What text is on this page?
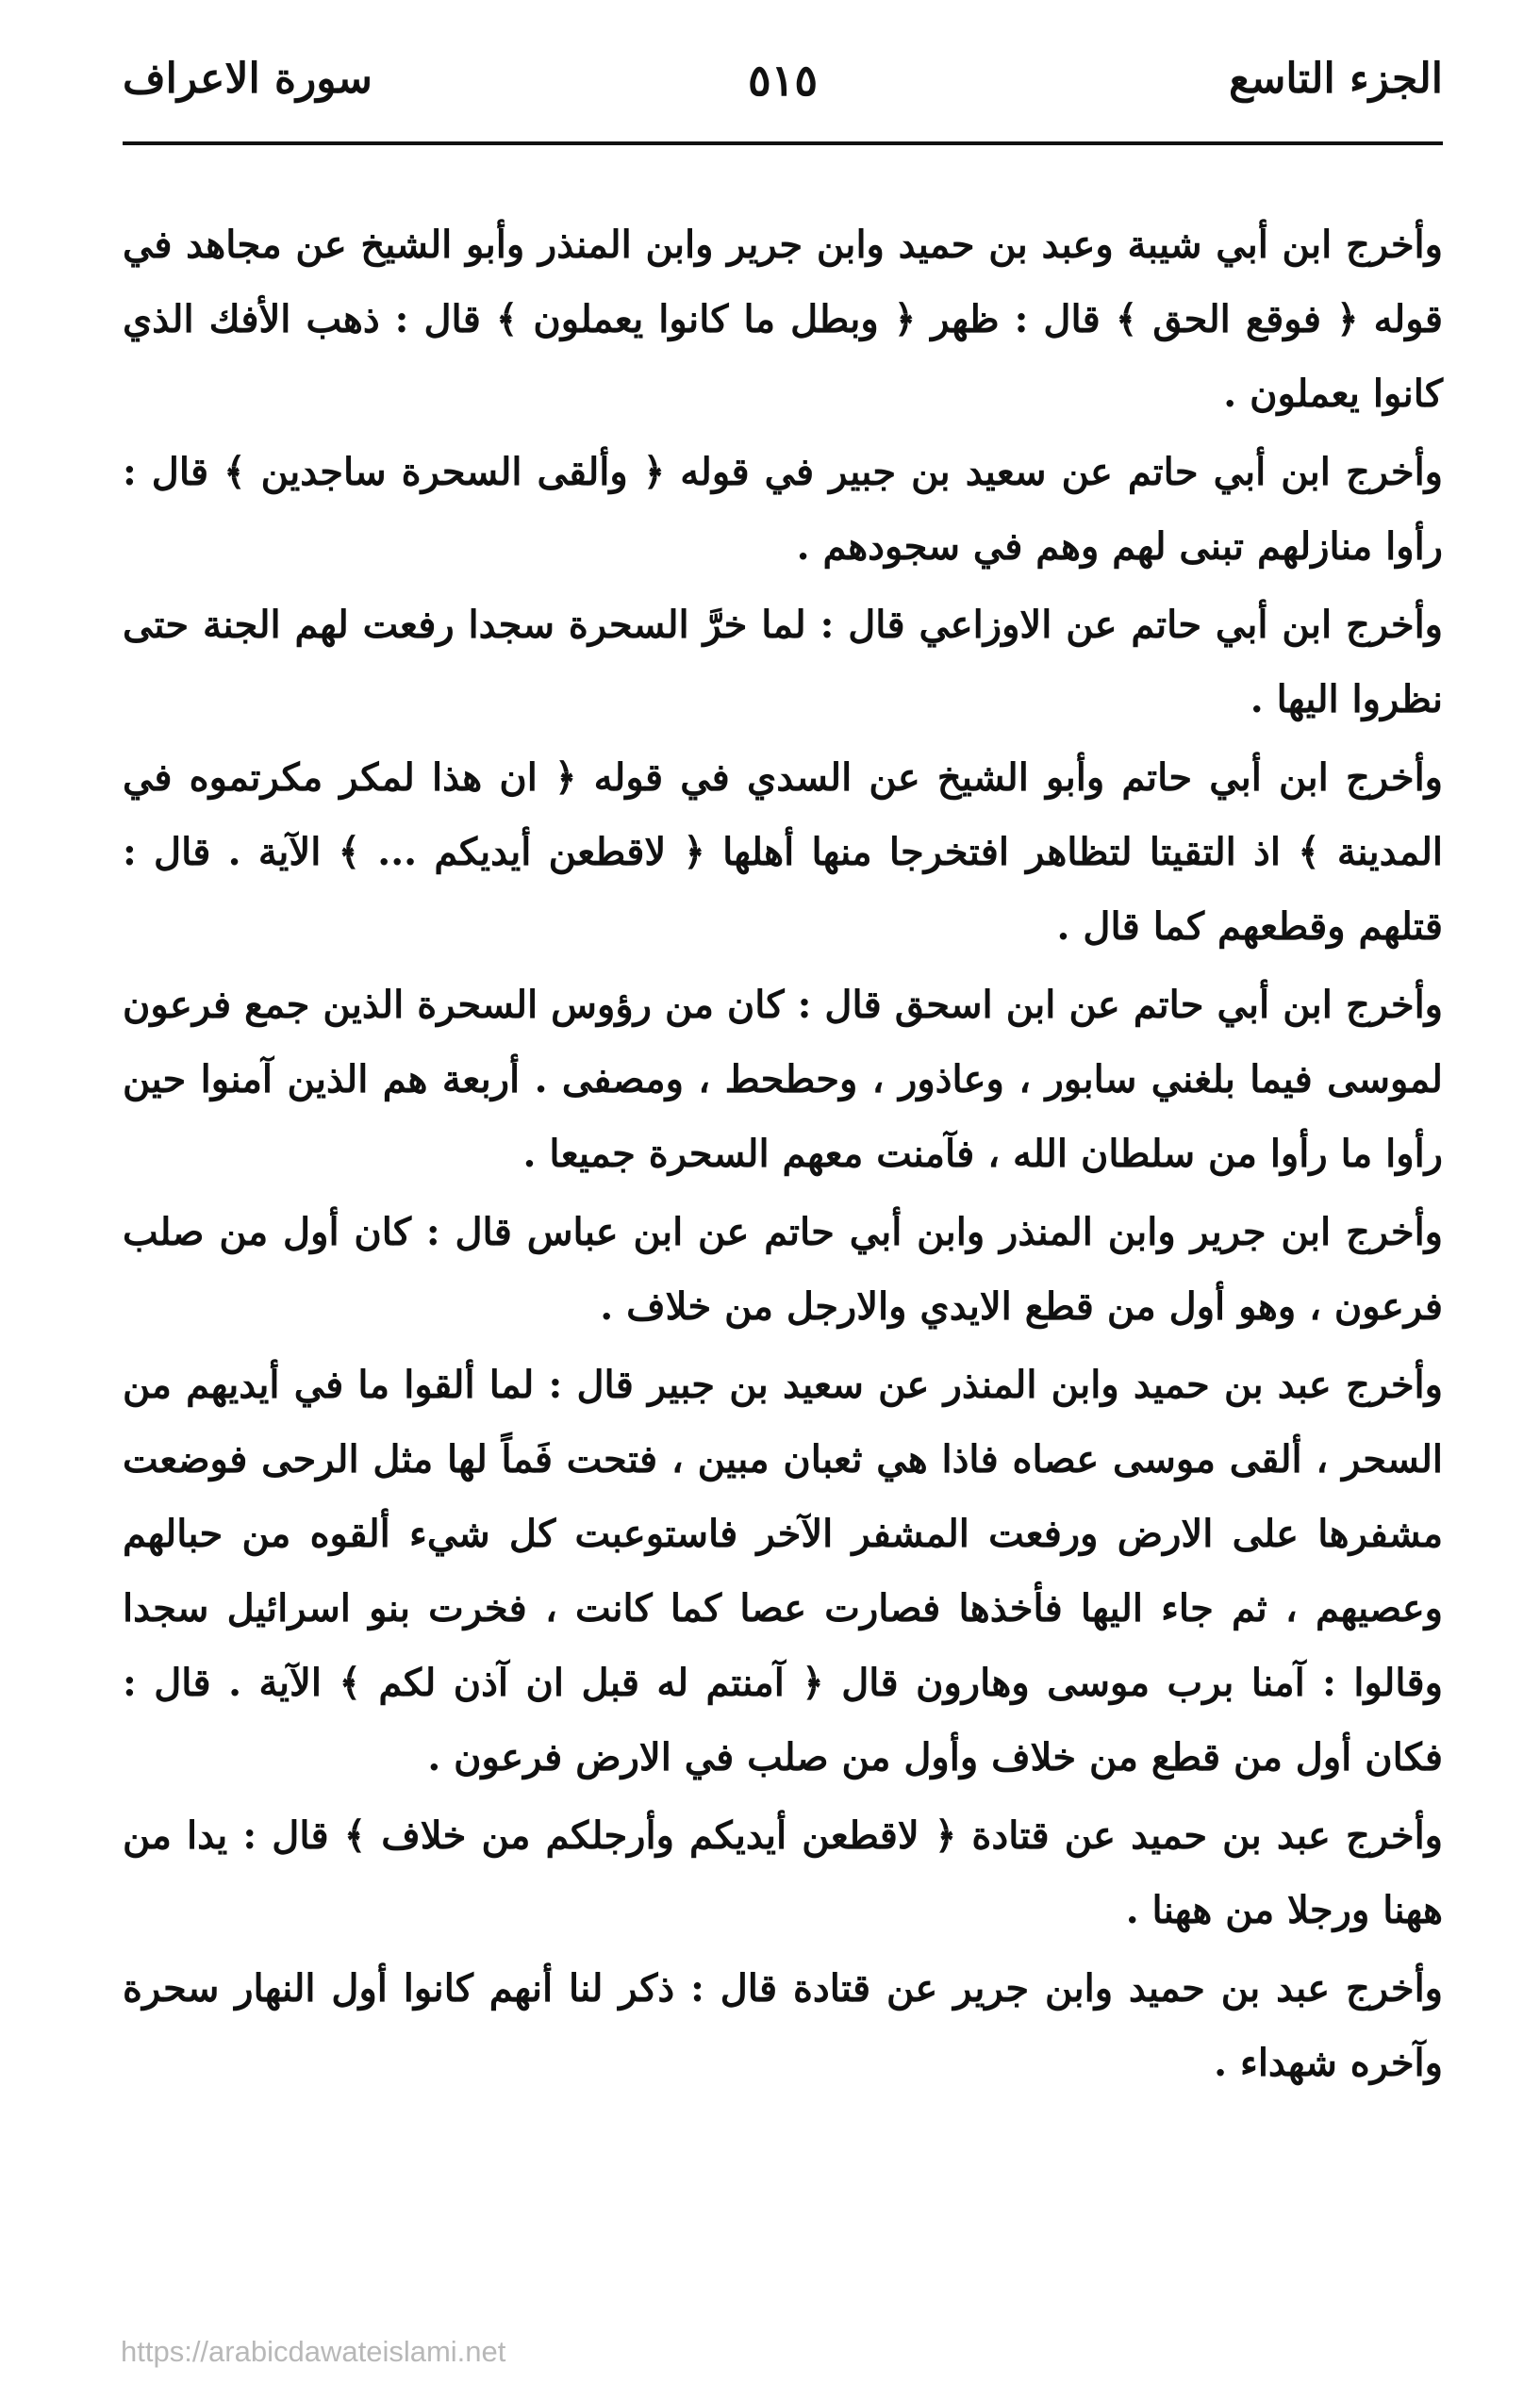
الجزء التاسع
٥١٥
سورة الاعراف

وأخرج ابن أبي شيبة وعبد بن حميد وابن جرير وابن المنذر وأبو الشيخ عن مجاهد في قوله ﴿ فوقع الحق ﴾ قال : ظهر ﴿ وبطل ما كانوا يعملون ﴾ قال : ذهب الأفك الذي كانوا يعملون .

وأخرج ابن أبي حاتم عن سعيد بن جبير في قوله ﴿ وألقى السحرة ساجدين ﴾ قال : رأوا منازلهم تبنى لهم وهم في سجودهم .

وأخرج ابن أبي حاتم عن الاوزاعي قال : لما خرَّ السحرة سجدا رفعت لهم الجنة حتى نظروا اليها .

وأخرج ابن أبي حاتم وأبو الشيخ عن السدي في قوله ﴿ ان هذا لمكر مكرتموه في المدينة ﴾ اذ التقيتا لتظاهر افتخرجا منها أهلها ﴿ لاقطعن أيديكم ... ﴾ الآية . قال : قتلهم وقطعهم كما قال .

وأخرج ابن أبي حاتم عن ابن اسحق قال : كان من رؤوس السحرة الذين جمع فرعون لموسى فيما بلغني سابور ، وعاذور ، وحطحط ، ومصفى . أربعة هم الذين آمنوا حين رأوا ما رأوا من سلطان الله ، فآمنت معهم السحرة جميعا .

وأخرج ابن جرير وابن المنذر وابن أبي حاتم عن ابن عباس قال : كان أول من صلب فرعون ، وهو أول من قطع الايدي والارجل من خلاف .

وأخرج عبد بن حميد وابن المنذر عن سعيد بن جبير قال : لما ألقوا ما في أيديهم من السحر ، ألقى موسى عصاه فاذا هي ثعبان مبين ، فتحت فَماً لها مثل الرحى فوضعت مشفرها على الارض ورفعت المشفر الآخر فاستوعبت كل شيء ألقوه من حبالهم وعصيهم ، ثم جاء اليها فأخذها فصارت عصا كما كانت ، فخرت بنو اسرائيل سجدا وقالوا : آمنا برب موسى وهارون قال ﴿ آمنتم له قبل ان آذن لكم ﴾ الآية . قال : فكان أول من قطع من خلاف وأول من صلب في الارض فرعون .

وأخرج عبد بن حميد عن قتادة ﴿ لاقطعن أيديكم وأرجلكم من خلاف ﴾ قال : يدا من ههنا ورجلا من ههنا .

وأخرج عبد بن حميد وابن جرير عن قتادة قال : ذكر لنا أنهم كانوا أول النهار سحرة وآخره شهداء .

https://arabicdawateislami.net
